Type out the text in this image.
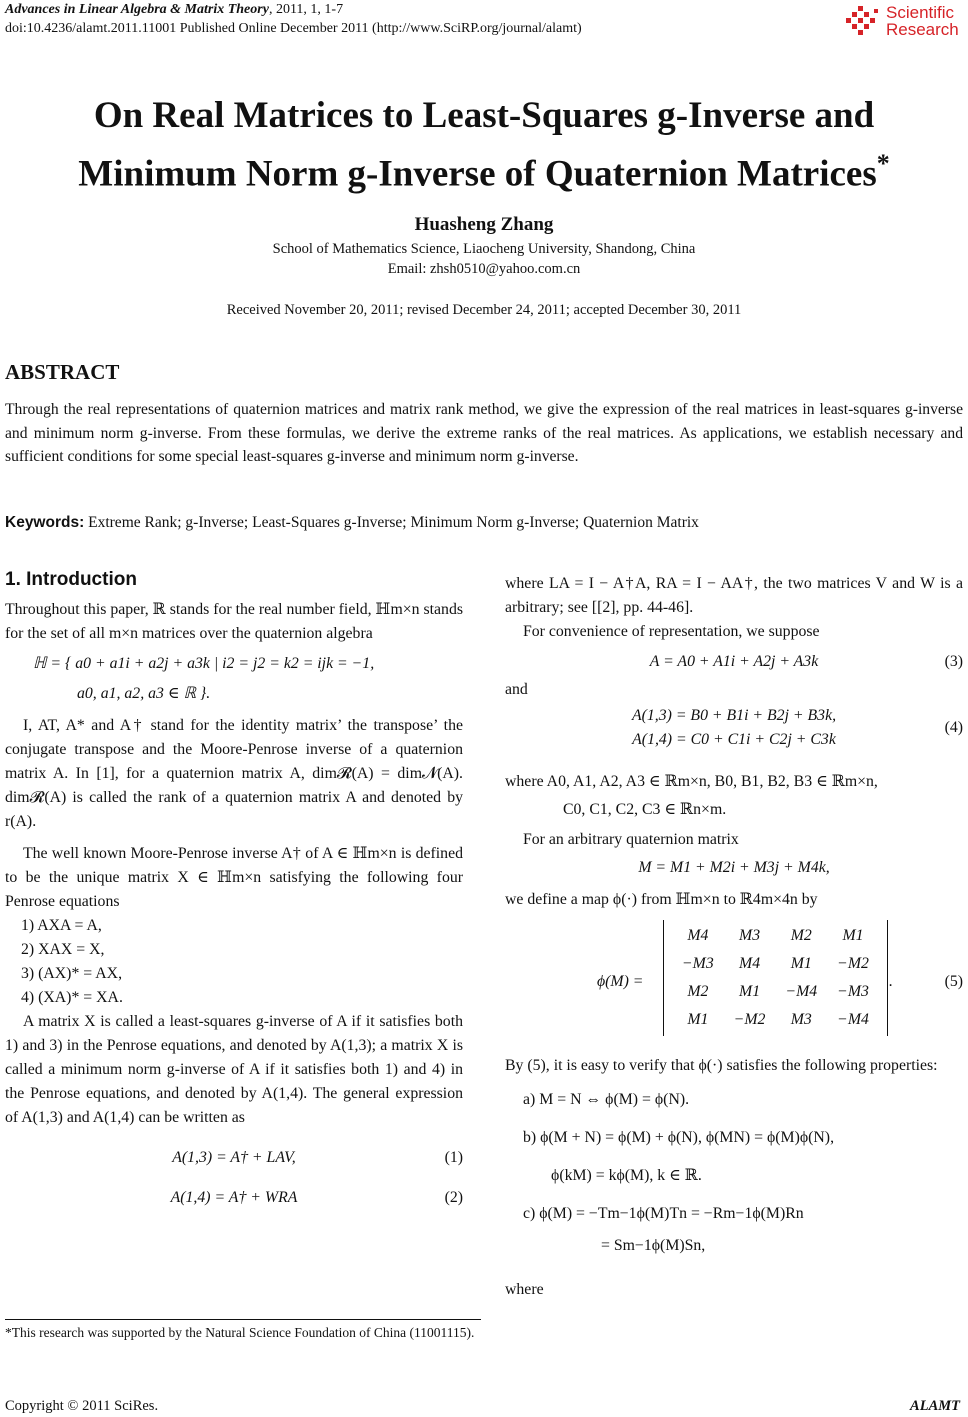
Advances in Linear Algebra & Matrix Theory, 2011, 1, 1-7
doi:10.4236/alamt.2011.11001 Published Online December 2011 (http://www.SciRP.org/journal/alamt)
Scientific
Research
On Real Matrices to Least-Squares g-Inverse and Minimum Norm g-Inverse of Quaternion Matrices*
Huasheng Zhang
School of Mathematics Science, Liaocheng University, Shandong, China
Email: zhsh0510@yahoo.com.cn
Received November 20, 2011; revised December 24, 2011; accepted December 30, 2011
ABSTRACT
Through the real representations of quaternion matrices and matrix rank method, we give the expression of the real matrices in least-squares g-inverse and minimum norm g-inverse. From these formulas, we derive the extreme ranks of the real matrices. As applications, we establish necessary and sufficient conditions for some special least-squares g-inverse and minimum norm g-inverse.
Keywords: Extreme Rank; g-Inverse; Least-Squares g-Inverse; Minimum Norm g-Inverse; Quaternion Matrix

1. Introduction

Throughout this paper, ℝ stands for the real number field, ℍm×n stands for the set of all m×n matrices over the quaternion algebra

ℍ = { a0 + a1i + a2j + a3k | i2 = j2 = k2 = ijk = −1,

a0, a1, a2, a3 ∈ ℝ }.

I, AT, A* and A† stand for the identity matrix’ the transpose’ the conjugate transpose and the Moore-Penrose inverse of a quaternion matrix A. In [1], for a quaternion matrix A, dim𝓡(A) = dim𝓝(A). dim𝓡(A) is called the rank of a quaternion matrix A and denoted by r(A).

The well known Moore-Penrose inverse A† of A ∈ ℍm×n is defined to be the unique matrix X ∈ ℍm×n satisfying the following four Penrose equations

1) AXA = A,

2) XAX = X,

3) (AX)* = AX,

4) (XA)* = XA.

A matrix X is called a least-squares g-inverse of A if it satisfies both 1) and 3) in the Penrose equations, and denoted by A(1,3); a matrix X is called a minimum norm g-inverse of A if it satisfies both 1) and 4) in the Penrose equations, and denoted by A(1,4). The general expression of A(1,3) and A(1,4) can be written as

A(1,3) = A† + LAV,	(1)

A(1,4) = A† + WRA	(2)

where LA = I − A†A, RA = I − AA†, the two matrices V and W is a arbitrary; see [[2], pp. 44-46].

For convenience of representation, we suppose

A = A0 + A1i + A2j + A3k	(3)

and

A(1,3) = B0 + B1i + B2j + B3k,

A(1,4) = C0 + C1i + C2j + C3k

(4)

where A0, A1, A2, A3 ∈ ℝm×n, B0, B1, B2, B3 ∈ ℝm×n,

C0, C1, C2, C3 ∈ ℝn×m.

For an arbitrary quaternion matrix

M = M1 + M2i + M3j + M4k,

we define a map ϕ(·) from ℍm×n to ℝ4m×4n by

ϕ(M) =
M4	M3	M2	M1
−M3	M4	M1	−M2
M2	M1	−M4	−M3
M1	−M2	M3	−M4
.	(5)

By (5), it is easy to verify that ϕ(·) satisfies the following properties:

a) M = N ⇔ ϕ(M) = ϕ(N).

b) ϕ(M + N) = ϕ(M) + ϕ(N), ϕ(MN) = ϕ(M)ϕ(N),

ϕ(kM) = kϕ(M), k ∈ ℝ.

c) ϕ(M) = −Tm−1ϕ(M)Tn = −Rm−1ϕ(M)Rn

= Sm−1ϕ(M)Sn,

where

*This research was supported by the Natural Science Foundation of China (11001115).
Copyright © 2011 SciRes.	ALAMT
